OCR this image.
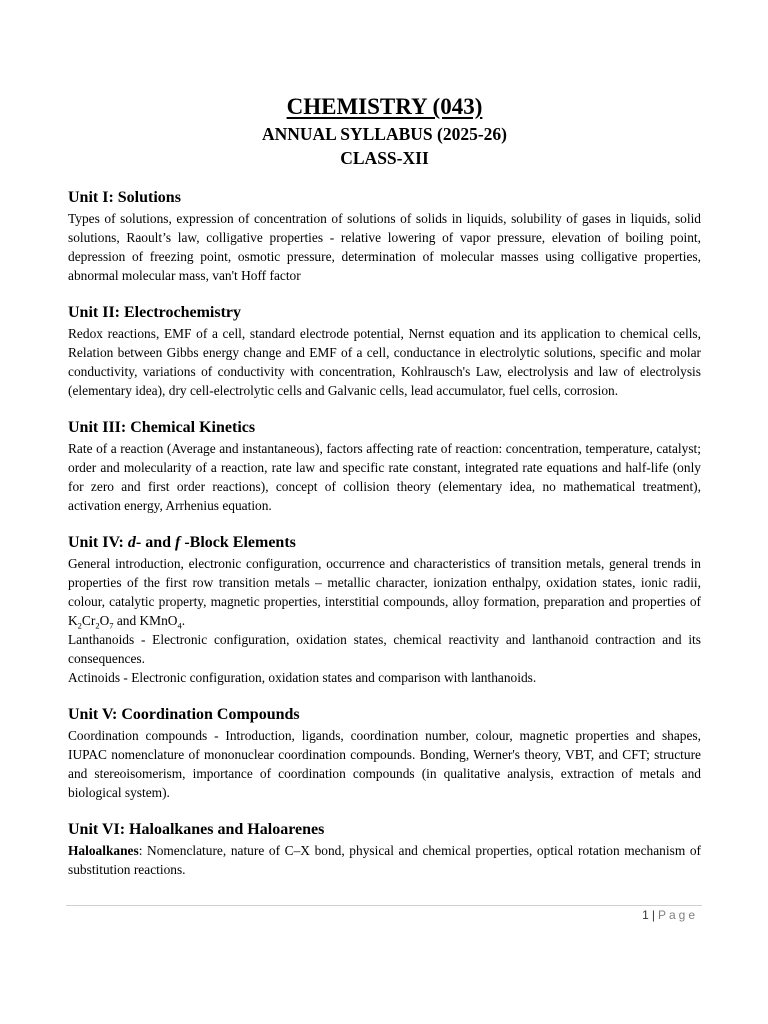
CHEMISTRY (043)
ANNUAL SYLLABUS (2025-26)
CLASS-XII
Unit I: Solutions

Types of solutions, expression of concentration of solutions of solids in liquids, solubility of gases in liquids, solid solutions, Raoult’s law, colligative properties - relative lowering of vapor pressure, elevation of boiling point, depression of freezing point, osmotic pressure, determination of molecular masses using colligative properties, abnormal molecular mass, van't Hoff factor

Unit II: Electrochemistry

Redox reactions, EMF of a cell, standard electrode potential, Nernst equation and its application to chemical cells, Relation between Gibbs energy change and EMF of a cell, conductance in electrolytic solutions, specific and molar conductivity, variations of conductivity with concentration, Kohlrausch's Law, electrolysis and law of electrolysis (elementary idea), dry cell-electrolytic cells and Galvanic cells, lead accumulator, fuel cells, corrosion.

Unit III: Chemical Kinetics

Rate of a reaction (Average and instantaneous), factors affecting rate of reaction: concentration, temperature, catalyst; order and molecularity of a reaction, rate law and specific rate constant, integrated rate equations and half-life (only for zero and first order reactions), concept of collision theory (elementary idea, no mathematical treatment), activation energy, Arrhenius equation.

Unit IV: d- and f -Block Elements

General introduction, electronic configuration, occurrence and characteristics of transition metals, general trends in properties of the first row transition metals – metallic character, ionization enthalpy, oxidation states, ionic radii, colour, catalytic property, magnetic properties, interstitial compounds, alloy formation, preparation and properties of $K_2Cr_2O_7$ and KMnO$_4$.

Lanthanoids - Electronic configuration, oxidation states, chemical reactivity and lanthanoid contraction and its consequences.

Actinoids - Electronic configuration, oxidation states and comparison with lanthanoids.

Unit V: Coordination Compounds

Coordination compounds - Introduction, ligands, coordination number, colour, magnetic properties and shapes, IUPAC nomenclature of mononuclear coordination compounds. Bonding, Werner's theory, VBT, and CFT; structure and stereoisomerism, importance of coordination compounds (in qualitative analysis, extraction of metals and biological system).

Unit VI: Haloalkanes and Haloarenes

Haloalkanes: Nomenclature, nature of C–X bond, physical and chemical properties, optical rotation mechanism of substitution reactions.

1 | Page
